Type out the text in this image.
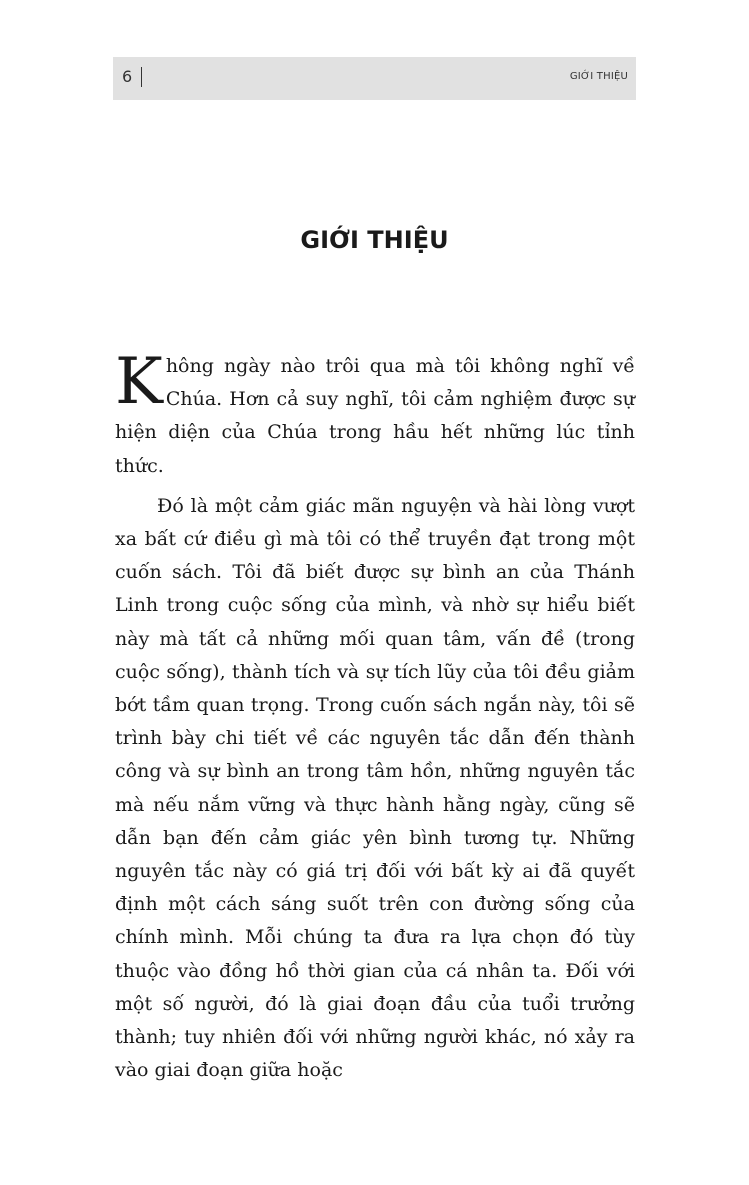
6	GIỚI THIỆU
GIỚI THIỆU

Không ngày nào trôi qua mà tôi không nghĩ về Chúa. Hơn cả suy nghĩ, tôi cảm nghiệm được sự hiện diện của Chúa trong hầu hết những lúc tỉnh thức.

Đó là một cảm giác mãn nguyện và hài lòng vượt xa bất cứ điều gì mà tôi có thể truyền đạt trong một cuốn sách. Tôi đã biết được sự bình an của Thánh Linh trong cuộc sống của mình, và nhờ sự hiểu biết này mà tất cả những mối quan tâm, vấn đề (trong cuộc sống), thành tích và sự tích lũy của tôi đều giảm bớt tầm quan trọng. Trong cuốn sách ngắn này, tôi sẽ trình bày chi tiết về các nguyên tắc dẫn đến thành công và sự bình an trong tâm hồn, những nguyên tắc mà nếu nắm vững và thực hành hằng ngày, cũng sẽ dẫn bạn đến cảm giác yên bình tương tự. Những nguyên tắc này có giá trị đối với bất kỳ ai đã quyết định một cách sáng suốt trên con đường sống của chính mình. Mỗi chúng ta đưa ra lựa chọn đó tùy thuộc vào đồng hồ thời gian của cá nhân ta. Đối với một số người, đó là giai đoạn đầu của tuổi trưởng thành; tuy nhiên đối với những người khác, nó xảy ra vào giai đoạn giữa hoặc
